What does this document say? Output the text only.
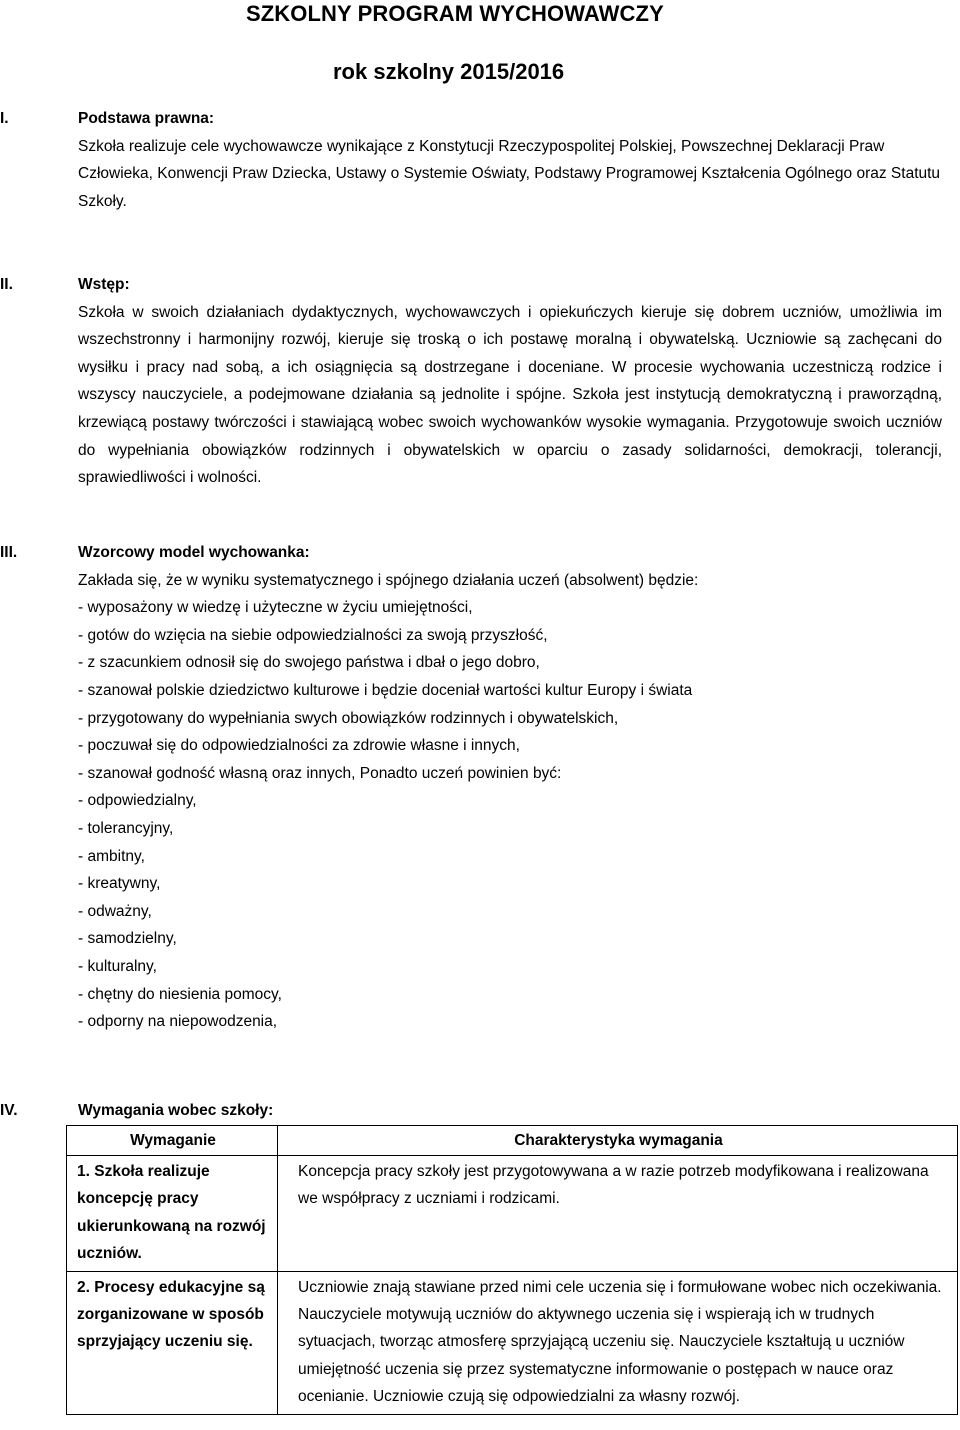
SZKOLNY PROGRAM WYCHOWAWCZY
rok szkolny 2015/2016
I.	Podstawa prawna:

Szkoła realizuje cele wychowawcze wynikające z Konstytucji Rzeczypospolitej Polskiej, Powszechnej Deklaracji Praw Człowieka, Konwencji Praw Dziecka, Ustawy o Systemie Oświaty, Podstawy Programowej Kształcenia Ogólnego oraz Statutu Szkoły.

II.	Wstęp:

Szkoła w swoich działaniach dydaktycznych, wychowawczych i opiekuńczych kieruje się dobrem uczniów, umożliwia im wszechstronny i harmonijny rozwój, kieruje się troską o ich postawę moralną i obywatelską. Uczniowie są zachęcani do wysiłku i pracy nad sobą, a ich osiągnięcia są dostrzegane i doceniane. W procesie wychowania uczestniczą rodzice i wszyscy nauczyciele, a podejmowane działania są jednolite i spójne. Szkoła jest instytucją demokratyczną i praworządną, krzewiącą postawy twórczości i stawiającą wobec swoich wychowanków wysokie wymagania. Przygotowuje swoich uczniów do wypełniania obowiązków rodzinnych i obywatelskich w oparciu o zasady solidarności, demokracji, tolerancji, sprawiedliwości i wolności.

III.	Wzorcowy model wychowanka:
Zakłada się, że w wyniku systematycznego i spójnego działania uczeń (absolwent) będzie:
- wyposażony w wiedzę i użyteczne w życiu umiejętności,
- gotów do wzięcia na siebie odpowiedzialności za swoją przyszłość,
- z szacunkiem odnosił się do swojego państwa i dbał o jego dobro,
- szanował polskie dziedzictwo kulturowe i będzie doceniał wartości kultur Europy i świata
- przygotowany do wypełniania swych obowiązków rodzinnych i obywatelskich,
- poczuwał się do odpowiedzialności za zdrowie własne i innych,
- szanował godność własną oraz innych, Ponadto uczeń powinien być:
- odpowiedzialny,
- tolerancyjny,
- ambitny,
- kreatywny,
- odważny,
- samodzielny,
- kulturalny,
- chętny do niesienia pomocy,
- odporny na niepowodzenia,
IV.	Wymagania wobec szkoły:
Wymaganie	Charakterystyka wymagania
1. Szkoła realizuje koncepcję pracy ukierunkowaną na rozwój uczniów.	Koncepcja pracy szkoły jest przygotowywana a w razie potrzeb modyfikowana i realizowana we współpracy z uczniami i rodzicami.
2. Procesy edukacyjne są zorganizowane w sposób sprzyjający uczeniu się.	Uczniowie znają stawiane przed nimi cele uczenia się i formułowane wobec nich oczekiwania. Nauczyciele motywują uczniów do aktywnego uczenia się i wspierają ich w trudnych sytuacjach, tworząc atmosferę sprzyjającą uczeniu się. Nauczyciele kształtują u uczniów umiejętność uczenia się przez systematyczne informowanie o postępach w nauce oraz ocenianie. Uczniowie czują się odpowiedzialni za własny rozwój.
